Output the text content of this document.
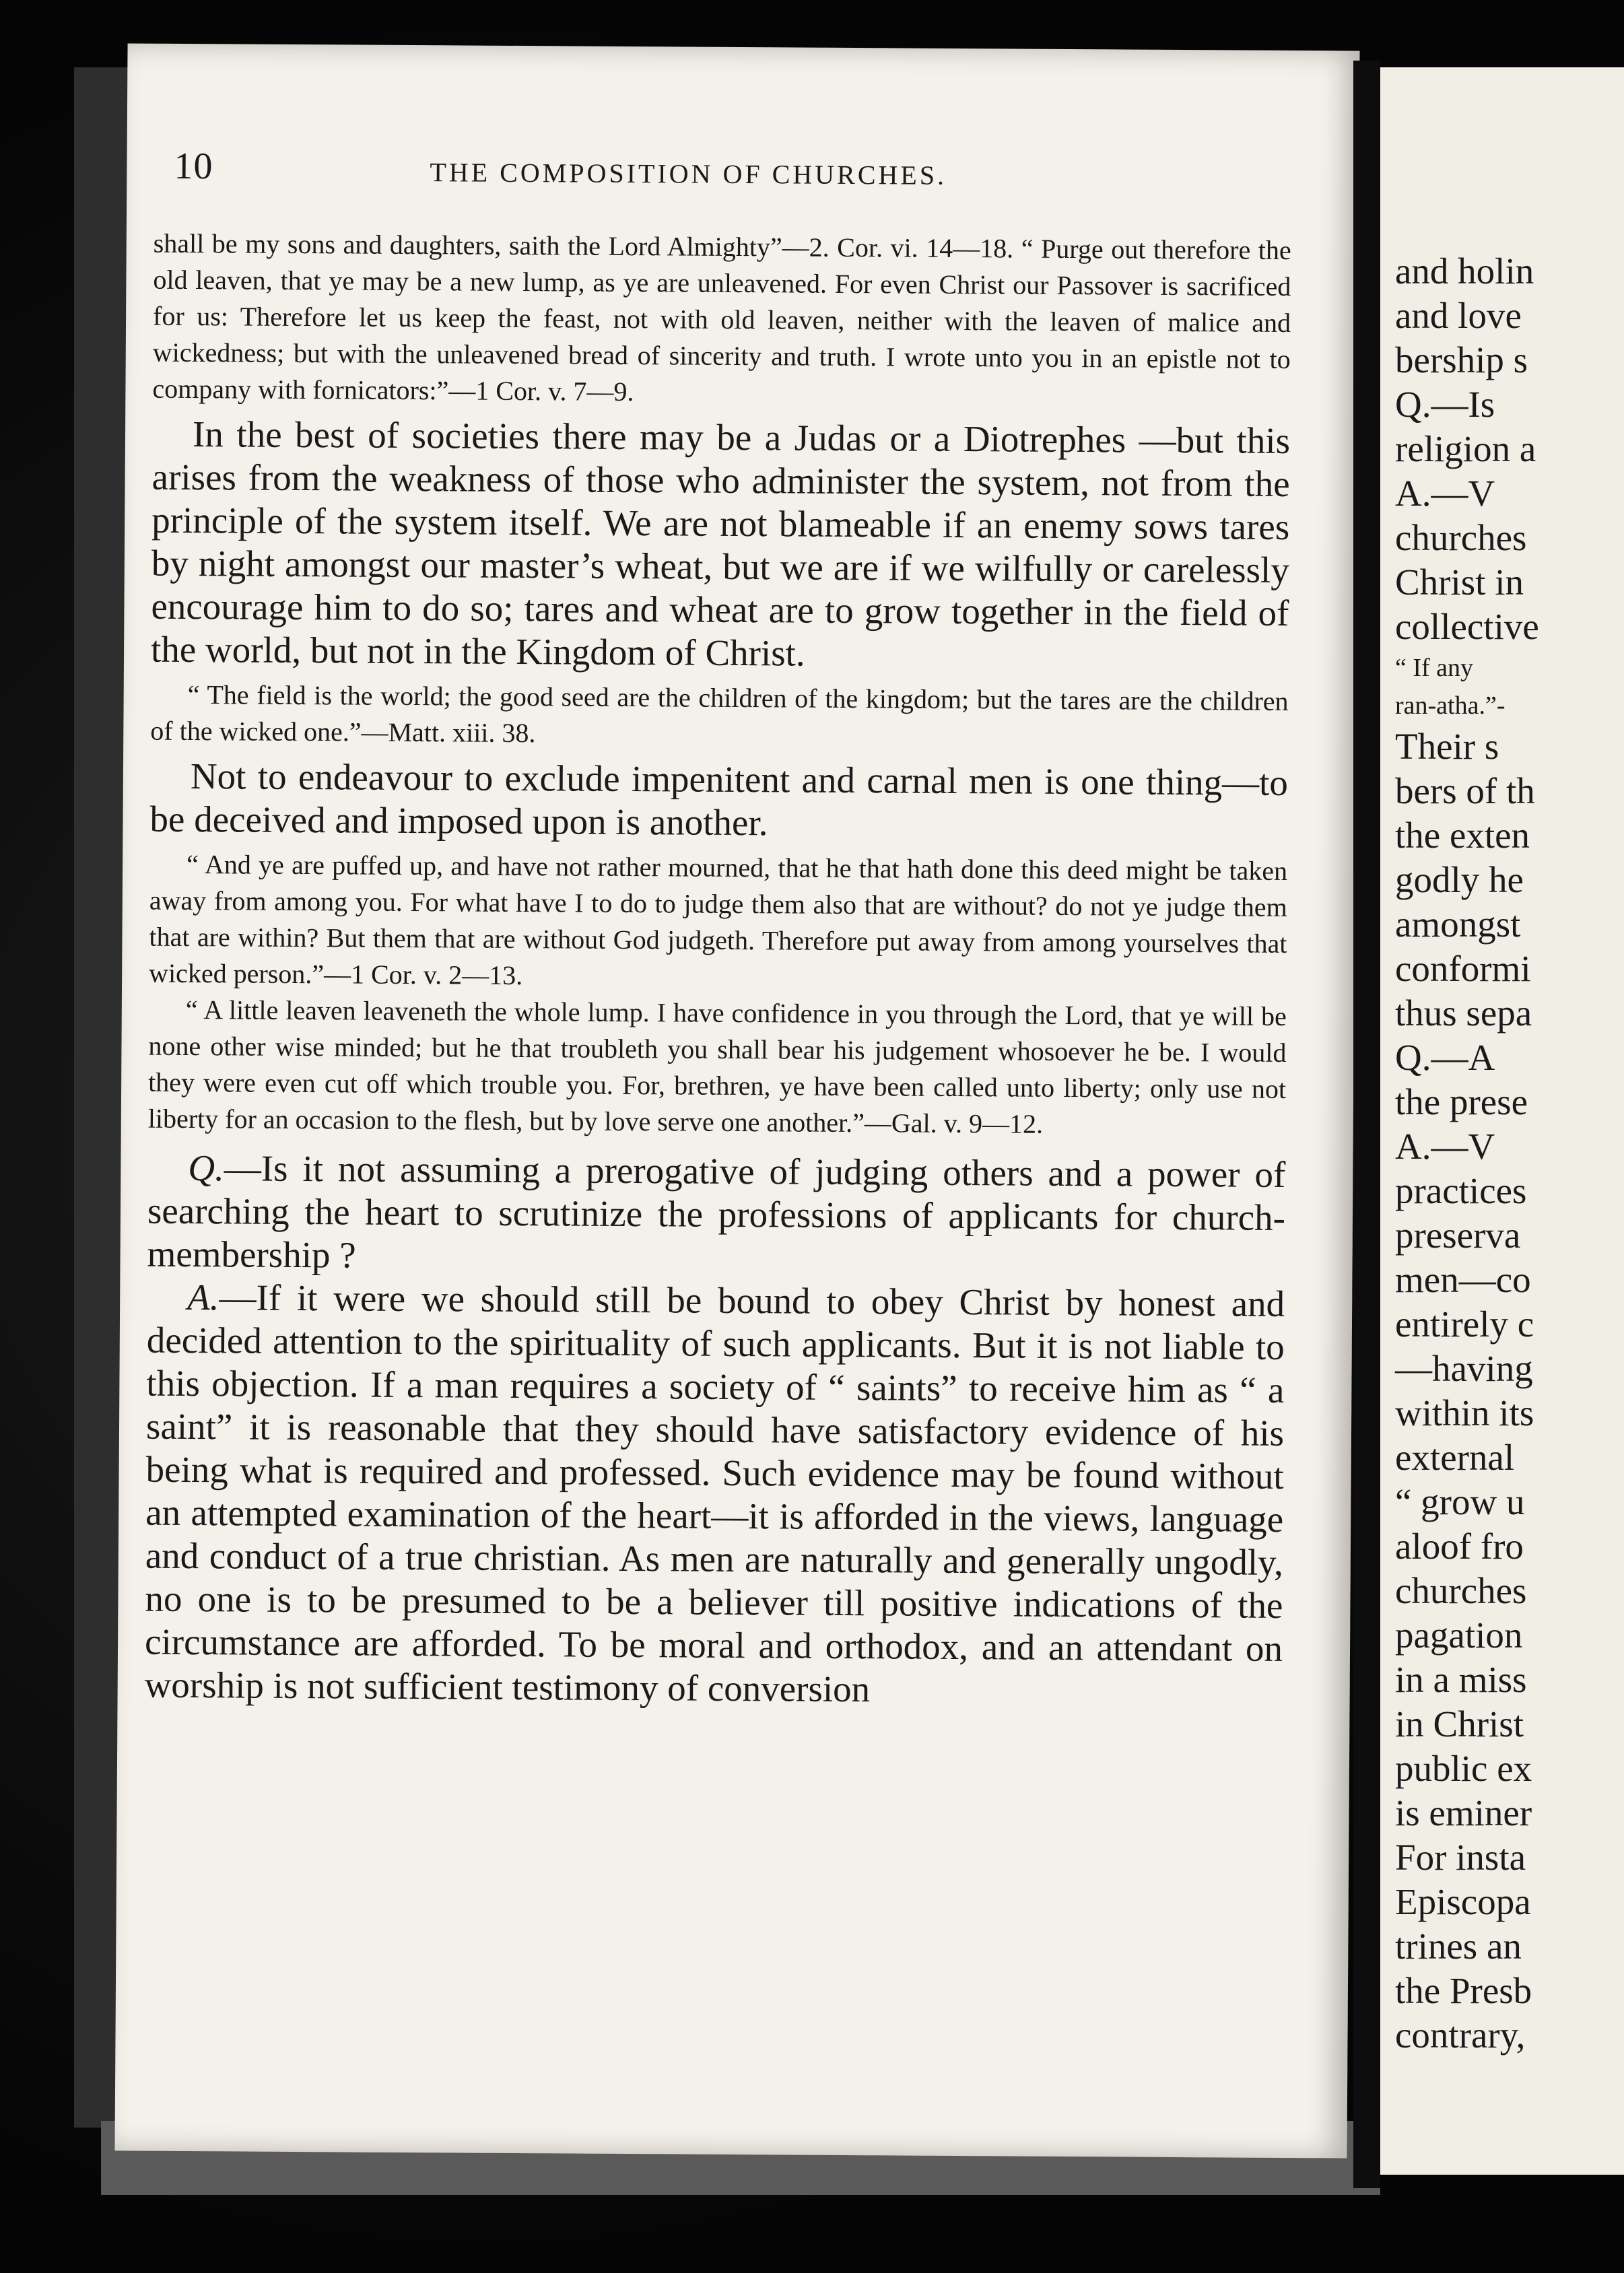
10	THE COMPOSITION OF CHURCHES.

shall be my sons and daughters, saith the Lord Almighty”—2. Cor. vi. 14—18. “ Purge out therefore the old leaven, that ye may be a new lump, as ye are unleavened. For even Christ our Passover is sacrificed for us: Therefore let us keep the feast, not with old leaven, neither with the leaven of malice and wickedness; but with the unleavened bread of sincerity and truth. I wrote unto you in an epistle not to company with fornicators:”—1 Cor. v. 7—9.

In the best of societies there may be a Judas or a Diotrephes —but this arises from the weakness of those who administer the system, not from the principle of the system itself. We are not blameable if an enemy sows tares by night amongst our master’s wheat, but we are if we wilfully or carelessly encourage him to do so; tares and wheat are to grow together in the field of the world, but not in the Kingdom of Christ.

“ The field is the world; the good seed are the children of the kingdom; but the tares are the children of the wicked one.”—Matt. xiii. 38.

Not to endeavour to exclude impenitent and carnal men is one thing—to be deceived and imposed upon is another.

“ And ye are puffed up, and have not rather mourned, that he that hath done this deed might be taken away from among you. For what have I to do to judge them also that are without? do not ye judge them that are within? But them that are without God judgeth. Therefore put away from among yourselves that wicked person.”—1 Cor. v. 2—13.

“ A little leaven leaveneth the whole lump. I have confidence in you through the Lord, that ye will be none other wise minded; but he that troubleth you shall bear his judgement whosoever he be. I would they were even cut off which trouble you. For, brethren, ye have been called unto liberty; only use not liberty for an occasion to the flesh, but by love serve one another.”—Gal. v. 9—12.

Q.—Is it not assuming a prerogative of judging others and a power of searching the heart to scrutinize the professions of applicants for church-membership ?

A.—If it were we should still be bound to obey Christ by honest and decided attention to the spirituality of such applicants. But it is not liable to this objection. If a man requires a society of “ saints” to receive him as “ a saint” it is reasonable that they should have satisfactory evidence of his being what is required and professed. Such evidence may be found without an attempted examination of the heart—it is afforded in the views, language and conduct of a true christian. As men are naturally and generally ungodly, no one is to be presumed to be a believer till positive indications of the circumstance are afforded. To be moral and orthodox, and an attendant on worship is not sufficient testimony of conversion

and holin
and love
bership s
Q.—Is
religion a
A.—V
churches
Christ in
collective
“ If any
ran-atha.”-
Their s
bers of th
the exten
godly he
amongst
conformi
thus sepa
Q.—A
the prese
A.—V
practices
preserva
men—co
entirely c
—having
within its
external
“ grow u
aloof fro
churches
pagation
in a miss
in Christ
public ex
is eminer
For insta
Episcopa
trines an
the Presb
contrary,
